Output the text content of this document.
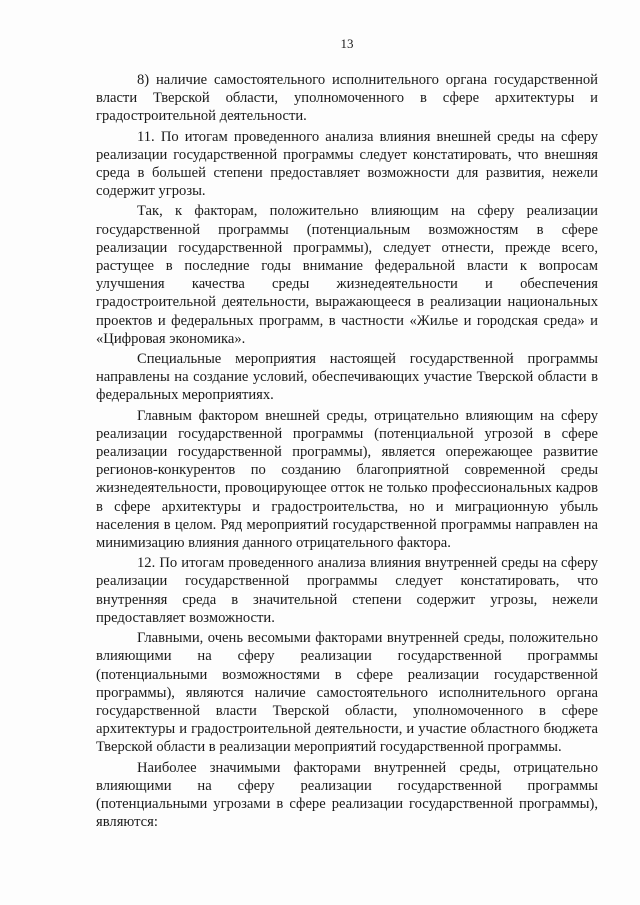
13

8) наличие самостоятельного исполнительного органа государственной власти Тверской области, уполномоченного в сфере архитектуры и градостроительной деятельности.

11. По итогам проведенного анализа влияния внешней среды на сферу реализации государственной программы следует констатировать, что внешняя среда в большей степени предоставляет возможности для развития, нежели содержит угрозы.

Так, к факторам, положительно влияющим на сферу реализации государственной программы (потенциальным возможностям в сфере реализации государственной программы), следует отнести, прежде всего, растущее в последние годы внимание федеральной власти к вопросам улучшения качества среды жизнедеятельности и обеспечения градостроительной деятельности, выражающееся в реализации национальных проектов и федеральных программ, в частности «Жилье и городская среда» и «Цифровая экономика».

Специальные мероприятия настоящей государственной программы направлены на создание условий, обеспечивающих участие Тверской области в федеральных мероприятиях.

Главным фактором внешней среды, отрицательно влияющим на сферу реализации государственной программы (потенциальной угрозой в сфере реализации государственной программы), является опережающее развитие регионов-конкурентов по созданию благоприятной современной среды жизнедеятельности, провоцирующее отток не только профессиональных кадров в сфере архитектуры и градостроительства, но и миграционную убыль населения в целом. Ряд мероприятий государственной программы направлен на минимизацию влияния данного отрицательного фактора.

12. По итогам проведенного анализа влияния внутренней среды на сферу реализации государственной программы следует констатировать, что внутренняя среда в значительной степени содержит угрозы, нежели предоставляет возможности.

Главными, очень весомыми факторами внутренней среды, положительно влияющими на сферу реализации государственной программы (потенциальными возможностями в сфере реализации государственной программы), являются наличие самостоятельного исполнительного органа государственной власти Тверской области, уполномоченного в сфере архитектуры и градостроительной деятельности, и участие областного бюджета Тверской области в реализации мероприятий государственной программы.

Наиболее значимыми факторами внутренней среды, отрицательно влияющими на сферу реализации государственной программы (потенциальными угрозами в сфере реализации государственной программы), являются:
